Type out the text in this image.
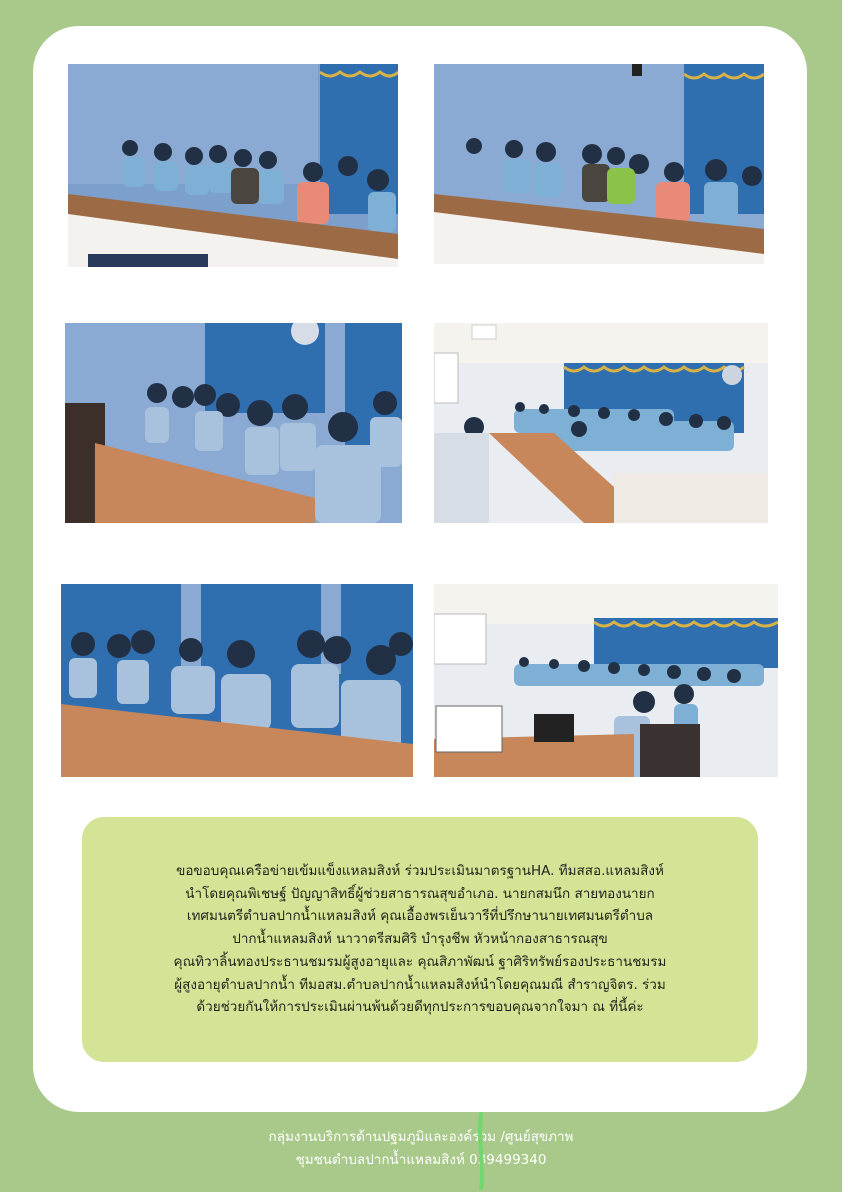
ขอขอบคุณเครือข่ายเข้มแข็งแหลมสิงห์ ร่วมประเมินมาตรฐานHA. ทีมสสอ.แหลมสิงห์
นำโดยคุณพิเชษฐ์ ปัญญาสิทธิ์ผู้ช่วยสาธารณสุขอำเภอ. นายกสมนึก สายทองนายก
เทศมนตรีตำบลปากน้ำแหลมสิงห์ คุณเอื้องพรเย็นวารีที่ปรึกษานายเทศมนตรีตำบล
ปากน้ำแหลมสิงห์ นาวาตรีสมศิริ บำรุงชีพ หัวหน้ากองสาธารณสุข
คุณทิวาลิ้นทองประธานชมรมผู้สูงอายุและ คุณสิภาพัฒน์ ฐาศิริทรัพย์รองประธานชมรม
ผู้สูงอายุตำบลปากน้ำ ทีมอสม.ตำบลปากน้ำแหลมสิงห์นำโดยคุณมณี สำราญจิตร. ร่วม
ด้วยช่วยกันให้การประเมินผ่านพ้นด้วยดีทุกประการขอบคุณจากใจมา ณ ที่นี้ค่ะ
กลุ่มงานบริการด้านปฐมภูมิและองค์รวม /ศูนย์สุขภาพ
ชุมชนตำบลปากน้ำแหลมสิงห์ 039499340
